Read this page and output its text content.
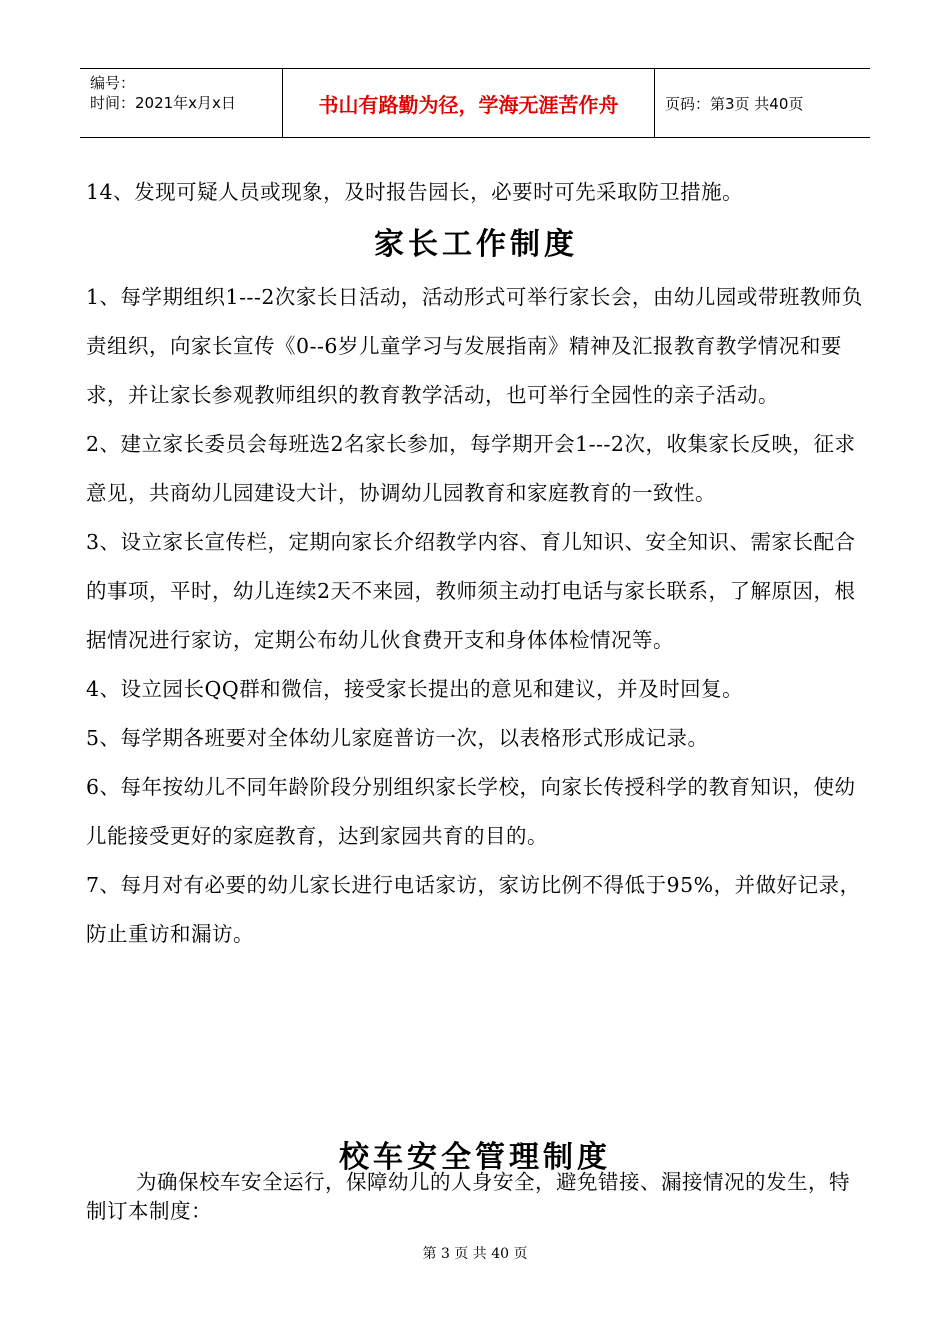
编号：
时间：2021年x月x日	书山有路勤为径，学海无涯苦作舟	页码：第3页 共40页

14、发现可疑人员或现象，及时报告园长，必要时可先采取防卫措施。

家长工作制度

1、每学期组织1---2次家长日活动，活动形式可举行家长会，由幼儿园或带班教师负责组织，向家长宣传《0--6岁儿童学习与发展指南》精神及汇报教育教学情况和要求，并让家长参观教师组织的教育教学活动，也可举行全园性的亲子活动。

2、建立家长委员会每班选2名家长参加，每学期开会1---2次，收集家长反映，征求意见，共商幼儿园建设大计，协调幼儿园教育和家庭教育的一致性。

3、设立家长宣传栏，定期向家长介绍教学内容、育儿知识、安全知识、需家长配合的事项，平时，幼儿连续2天不来园，教师须主动打电话与家长联系，了解原因，根据情况进行家访，定期公布幼儿伙食费开支和身体体检情况等。

4、设立园长QQ群和微信，接受家长提出的意见和建议，并及时回复。

5、每学期各班要对全体幼儿家庭普访一次，以表格形式形成记录。

6、每年按幼儿不同年龄阶段分别组织家长学校，向家长传授科学的教育知识，使幼儿能接受更好的家庭教育，达到家园共育的目的。

7、每月对有必要的幼儿家长进行电话家访，家访比例不得低于95%，并做好记录，防止重访和漏访。

校车安全管理制度

为确保校车安全运行，保障幼儿的人身安全，避免错接、漏接情况的发生，特制订本制度：

第 3 页 共 40 页
